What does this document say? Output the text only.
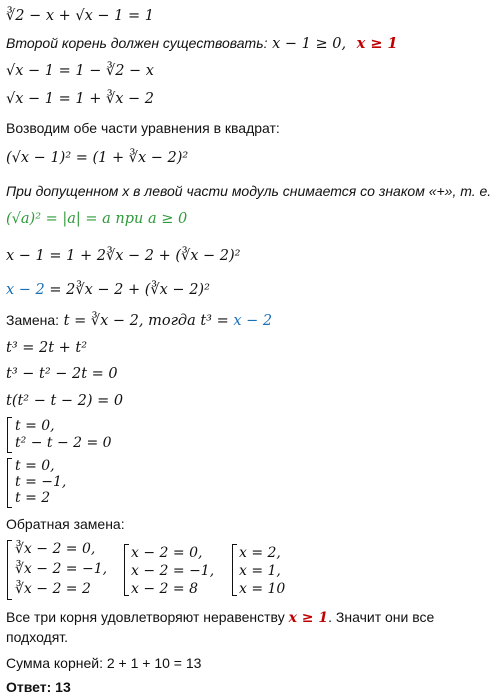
∛2 − x + √x − 1 = 1
Второй корень должен существовать: x − 1 ≥ 0, x ≥ 1
√x − 1 = 1 − ∛2 − x
√x − 1 = 1 + ∛x − 2
Возводим обе части уравнения в квадрат:
(√x − 1)² = (1 + ∛x − 2)²
При допущенном x в левой части модуль снимается со знаком «+», т. е.
(√a)² = |a| = a при a ≥ 0
x − 1 = 1 + 2∛x − 2 + (∛x − 2)²
x − 2 = 2∛x − 2 + (∛x − 2)²
Замена: t = ∛x − 2, тогда t³ = x − 2
t³ = 2t + t²
t³ − t² − 2t = 0
t(t² − t − 2) = 0
t = 0,
t² − t − 2 = 0
t = 0,
t = −1,
t = 2
Обратная замена:
∛x − 2 = 0,
∛x − 2 = −1,
∛x − 2 = 2
x − 2 = 0,
x − 2 = −1,
x − 2 = 8
x = 2,
x = 1,
x = 10
Все три корня удовлетворяют неравенству x ≥ 1. Значит они все
подходят.
Сумма корней: 2 + 1 + 10 = 13
Ответ: 13
